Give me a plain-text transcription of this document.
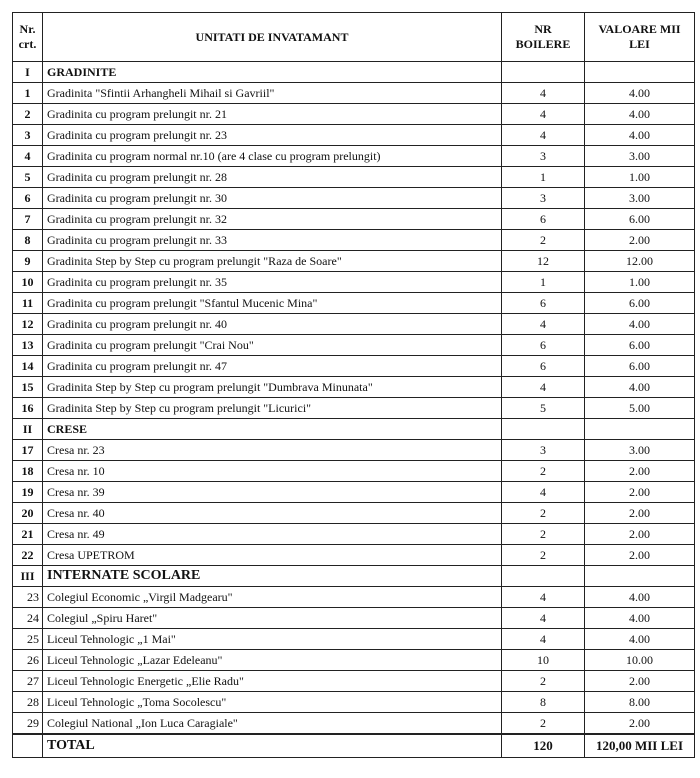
Nr. crt.	UNITATI DE INVATAMANT	NR BOILERE	VALOARE MII LEI
I	GRADINITE		
1	Gradinita "Sfintii Arhangheli Mihail si Gavriil"	4	4.00
2	Gradinita cu program prelungit nr. 21	4	4.00
3	Gradinita cu program prelungit nr. 23	4	4.00
4	Gradinita cu program normal nr.10 (are 4 clase cu program prelungit)	3	3.00
5	Gradinita cu program prelungit nr. 28	1	1.00
6	Gradinita cu program prelungit nr. 30	3	3.00
7	Gradinita cu program prelungit nr. 32	6	6.00
8	Gradinita cu program prelungit nr. 33	2	2.00
9	Gradinita Step by Step cu program prelungit "Raza de Soare"	12	12.00
10	Gradinita cu program prelungit nr. 35	1	1.00
11	Gradinita cu program prelungit "Sfantul Mucenic Mina"	6	6.00
12	Gradinita cu program prelungit nr. 40	4	4.00
13	Gradinita cu program prelungit "Crai Nou"	6	6.00
14	Gradinita cu program prelungit nr. 47	6	6.00
15	Gradinita Step by Step cu program prelungit "Dumbrava Minunata"	4	4.00
16	Gradinita Step by Step cu program prelungit "Licurici"	5	5.00
II	CRESE		
17	Cresa nr. 23	3	3.00
18	Cresa nr. 10	2	2.00
19	Cresa nr. 39	4	2.00
20	Cresa nr. 40	2	2.00
21	Cresa nr. 49	2	2.00
22	Cresa UPETROM	2	2.00
III	INTERNATE SCOLARE		
23	Colegiul Economic „Virgil Madgearu"	4	4.00
24	Colegiul „Spiru Haret"	4	4.00
25	Liceul Tehnologic „1 Mai"	4	4.00
26	Liceul Tehnologic „Lazar Edeleanu"	10	10.00
27	Liceul Tehnologic Energetic „Elie Radu"	2	2.00
28	Liceul Tehnologic „Toma Socolescu"	8	8.00
29	Colegiul National „Ion Luca Caragiale"	2	2.00
	TOTAL	120	120,00 MII LEI
